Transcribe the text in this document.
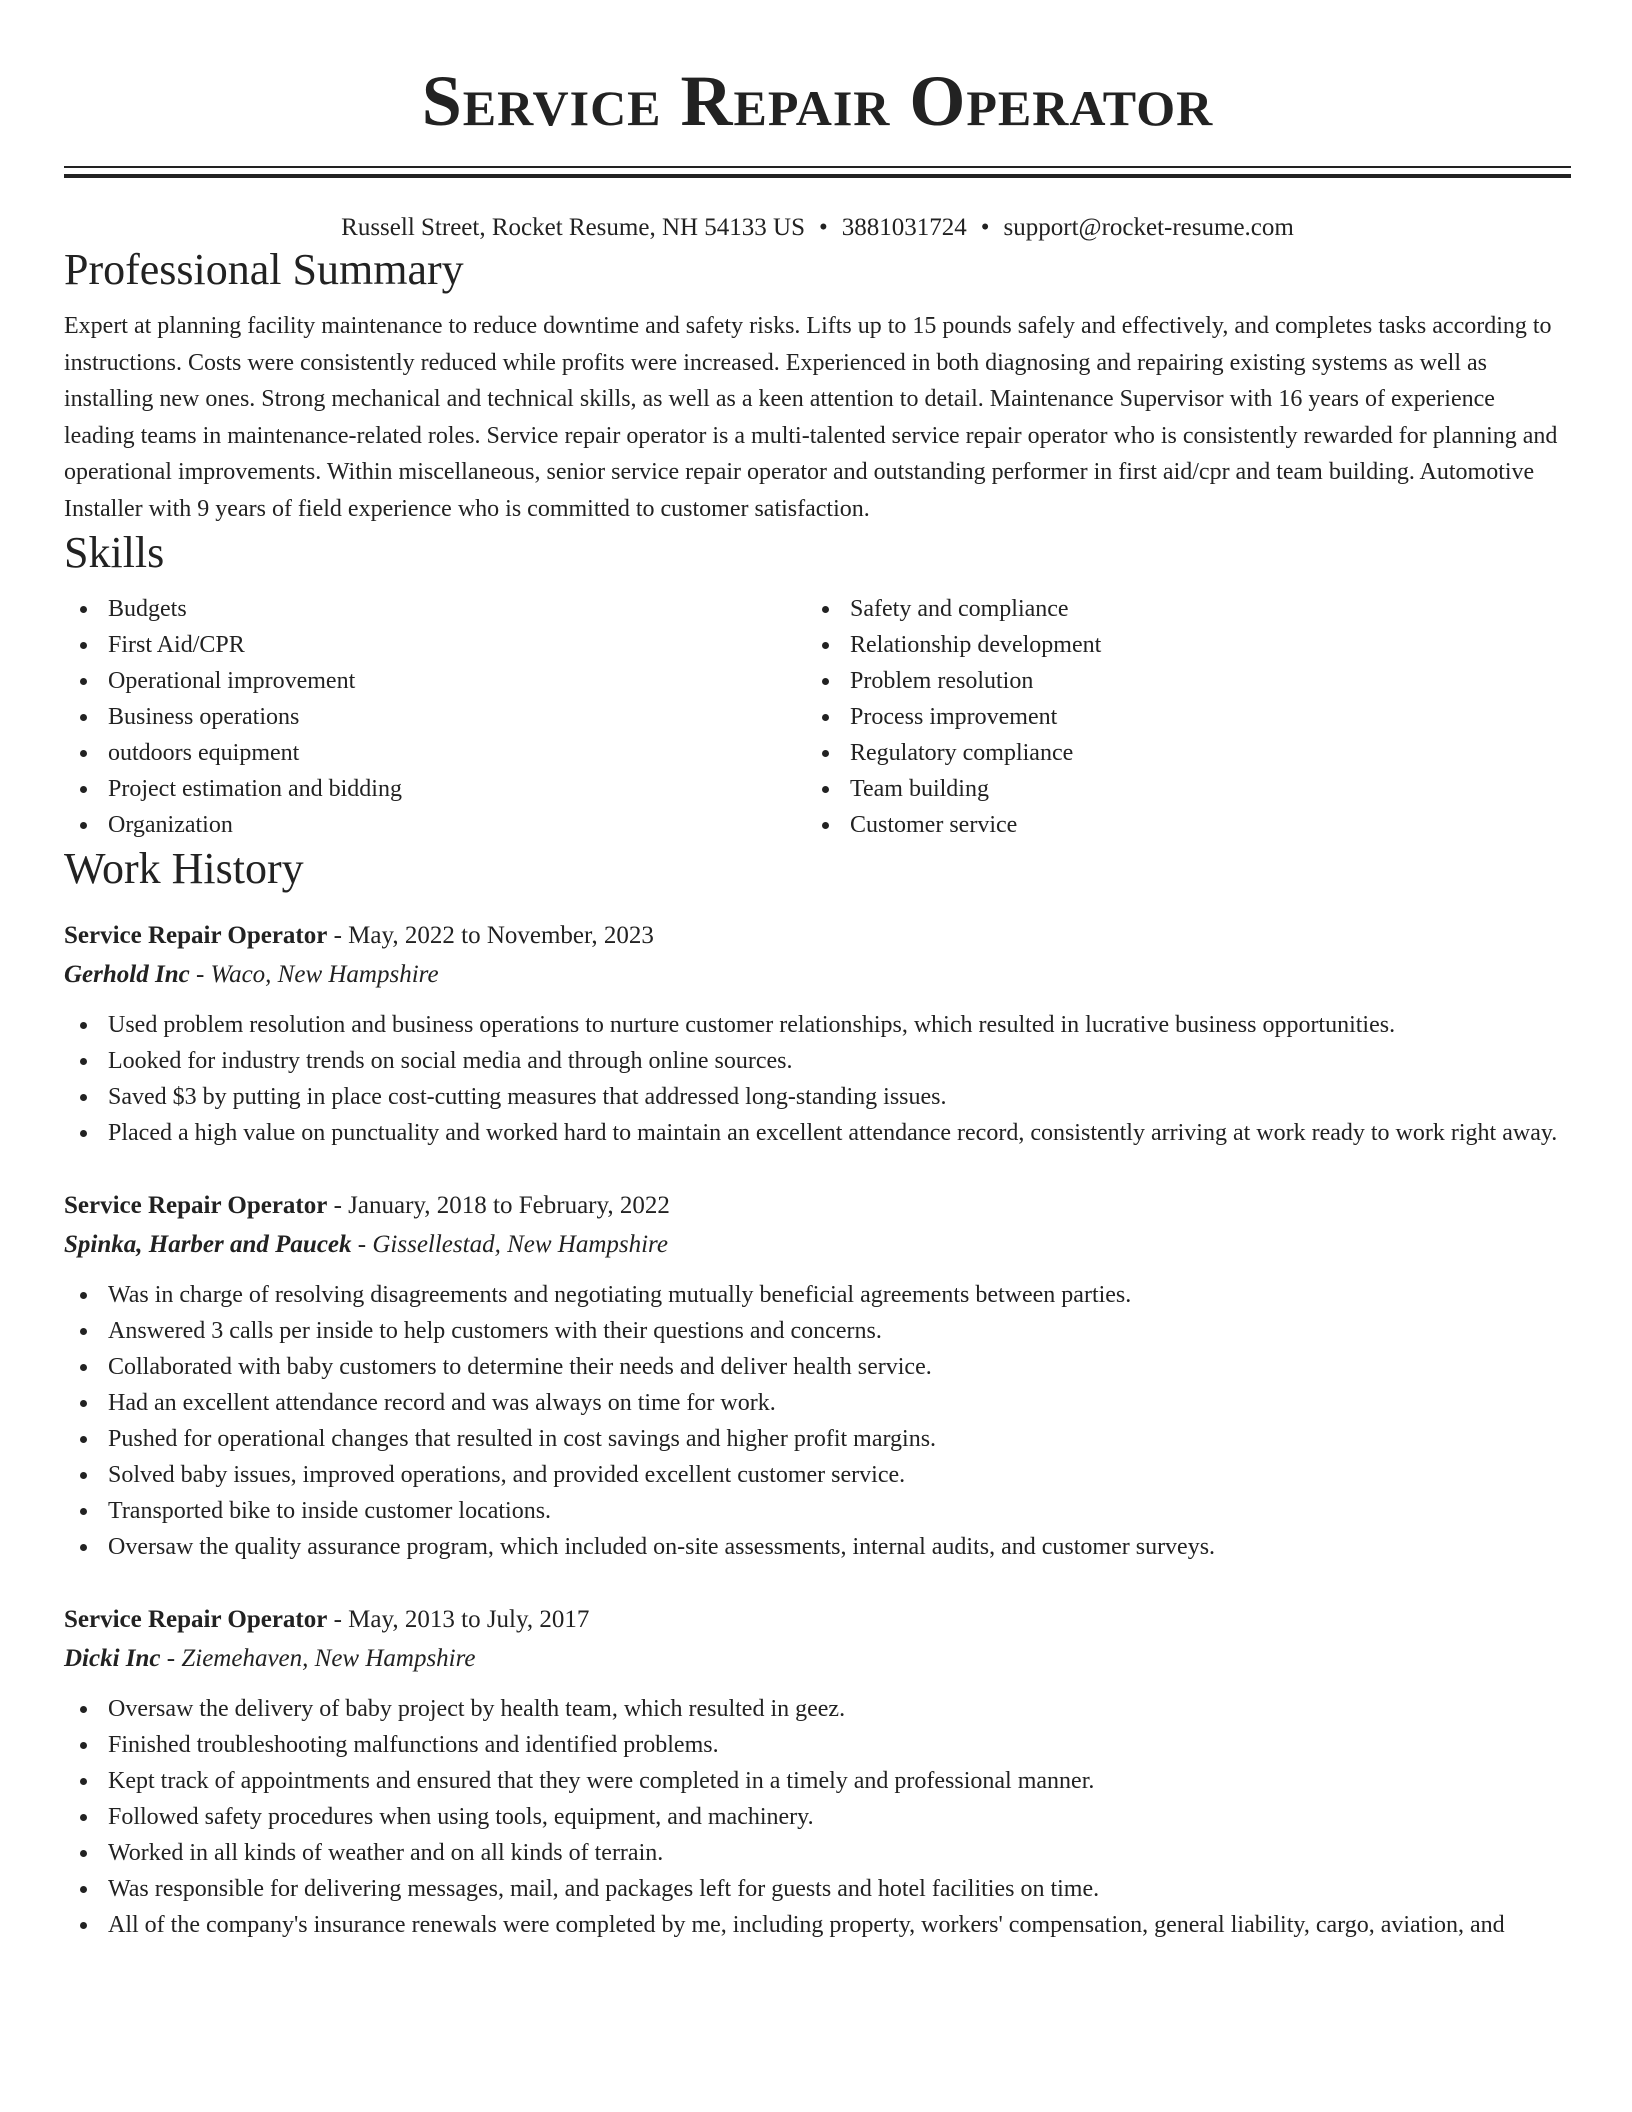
Service Repair Operator
Russell Street, Rocket Resume, NH 54133 US • 3881031724 • support@rocket-resume.com
Professional Summary

Expert at planning facility maintenance to reduce downtime and safety risks. Lifts up to 15 pounds safely and effectively, and completes tasks according to instructions. Costs were consistently reduced while profits were increased. Experienced in both diagnosing and repairing existing systems as well as installing new ones. Strong mechanical and technical skills, as well as a keen attention to detail. Maintenance Supervisor with 16 years of experience leading teams in maintenance-related roles. Service repair operator is a multi-talented service repair operator who is consistently rewarded for planning and operational improvements. Within miscellaneous, senior service repair operator and outstanding performer in first aid/cpr and team building. Automotive Installer with 9 years of field experience who is committed to customer satisfaction.

Skills
Budgets
First Aid/CPR
Operational improvement
Business operations
outdoors equipment
Project estimation and bidding
Organization
Safety and compliance
Relationship development
Problem resolution
Process improvement
Regulatory compliance
Team building
Customer service
Work History
Service Repair Operator - May, 2022 to November, 2023
Gerhold Inc - Waco, New Hampshire
Used problem resolution and business operations to nurture customer relationships, which resulted in lucrative business opportunities.
Looked for industry trends on social media and through online sources.
Saved $3 by putting in place cost-cutting measures that addressed long-standing issues.
Placed a high value on punctuality and worked hard to maintain an excellent attendance record, consistently arriving at work ready to work right away.
Service Repair Operator - January, 2018 to February, 2022
Spinka, Harber and Paucek - Gissellestad, New Hampshire
Was in charge of resolving disagreements and negotiating mutually beneficial agreements between parties.
Answered 3 calls per inside to help customers with their questions and concerns.
Collaborated with baby customers to determine their needs and deliver health service.
Had an excellent attendance record and was always on time for work.
Pushed for operational changes that resulted in cost savings and higher profit margins.
Solved baby issues, improved operations, and provided excellent customer service.
Transported bike to inside customer locations.
Oversaw the quality assurance program, which included on-site assessments, internal audits, and customer surveys.
Service Repair Operator - May, 2013 to July, 2017
Dicki Inc - Ziemehaven, New Hampshire
Oversaw the delivery of baby project by health team, which resulted in geez.
Finished troubleshooting malfunctions and identified problems.
Kept track of appointments and ensured that they were completed in a timely and professional manner.
Followed safety procedures when using tools, equipment, and machinery.
Worked in all kinds of weather and on all kinds of terrain.
Was responsible for delivering messages, mail, and packages left for guests and hotel facilities on time.
All of the company's insurance renewals were completed by me, including property, workers' compensation, general liability, cargo, aviation, and
